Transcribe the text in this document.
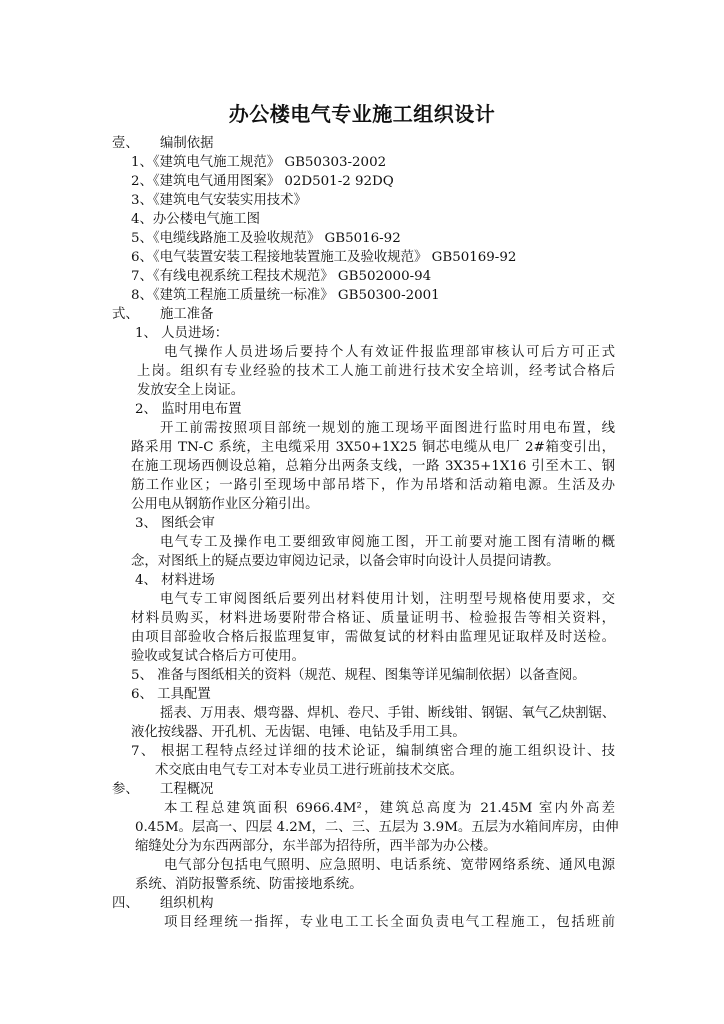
办公楼电气专业施工组织设计
壹、 编制依据
1、《建筑电气施工规范》 GB50303-2002
2、《建筑电气通用图案》 02D501-2 92DQ
3、《建筑电气安装实用技术》
4、办公楼电气施工图
5、《电缆线路施工及验收规范》 GB5016-92
6、《电气装置安装工程接地装置施工及验收规范》 GB50169-92
7、《有线电视系统工程技术规范》 GB502000-94
8、《建筑工程施工质量统一标准》 GB50300-2001
式、 施工准备
1、 人员进场：
电气操作人员进场后要持个人有效证件报监理部审核认可后方可正式
上岗。组织有专业经验的技术工人施工前进行技术安全培训，经考试合格后
发放安全上岗证。
2、 监时用电布置
开工前需按照项目部统一规划的施工现场平面图进行监时用电布置，线
路采用 TN-C 系统，主电缆采用 3X50+1X25 铜芯电缆从电厂 2#箱变引出，
在施工现场西侧设总箱，总箱分出两条支线，一路 3X35+1X16 引至木工、钢
筋工作业区；一路引至现场中部吊塔下，作为吊塔和活动箱电源。生活及办
公用电从钢筋作业区分箱引出。
3、 图纸会审
电气专工及操作电工要细致审阅施工图，开工前要对施工图有清晰的概
念，对图纸上的疑点要边审阅边记录，以备会审时向设计人员提问请教。
4、 材料进场
电气专工审阅图纸后要列出材料使用计划，注明型号规格使用要求，交
材料员购买，材料进场要附带合格证、质量证明书、检验报告等相关资料，
由项目部验收合格后报监理复审，需做复试的材料由监理见证取样及时送检。
验收或复试合格后方可使用。
5、 准备与图纸相关的资料（规范、规程、图集等详见编制依据）以备查阅。
6、 工具配置
摇表、万用表、煨弯器、焊机、卷尺、手钳、断线钳、钢锯、氧气乙炔割锯、
液化按线器、开孔机、无齿锯、电锤、电钻及手用工具。
7、 根据工程特点经过详细的技术论证，编制缜密合理的施工组织设计、技
术交底由电气专工对本专业员工进行班前技术交底。
参、 工程概况
本工程总建筑面积 6966.4M²，建筑总高度为 21.45M 室内外高差
0.45M。层高一、四层 4.2M，二、三、五层为 3.9M。五层为水箱间库房，由伸
缩缝处分为东西两部分，东半部为招待所，西半部为办公楼。
电气部分包括电气照明、应急照明、电话系统、宽带网络系统、通风电源
系统、消防报警系统、防雷接地系统。
四、 组织机构
项目经理统一指挥，专业电工工长全面负责电气工程施工，包括班前
